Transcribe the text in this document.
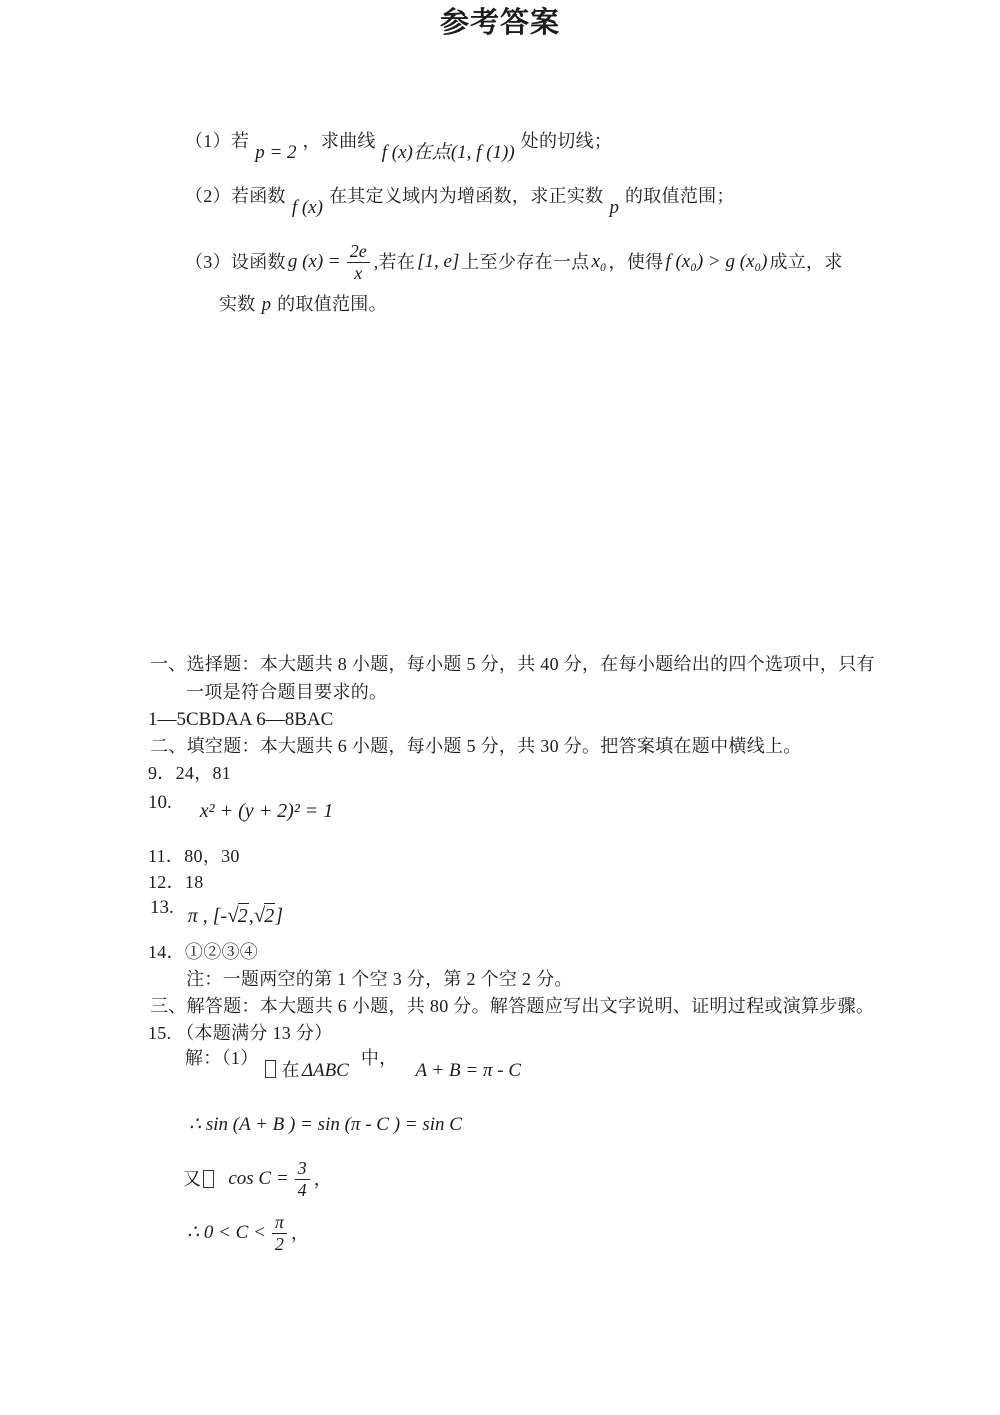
（1）若 p = 2 ，求曲线 f (x)在点(1, f (1)) 处的切线；
（2）若函数 f (x) 在其定义域内为增函数，求正实数 p 的取值范围；
（3）设函数 g $(x) = \frac{2e}{x}$ ,若在 [1, e] 上至少存在一点 x₀ ，使得 f (x₀) > g (x₀) 成立，求
实数 p 的取值范围。
参考答案
一、选择题：本大题共 8 小题，每小题 5 分，共 40 分，在每小题给出的四个选项中，只有
一项是符合题目要求的。
1—5CBDAA 6—8BAC
二、填空题：本大题共 6 小题，每小题 5 分，共 30 分。把答案填在题中横线上。
9．24，81
10. x² + (y + 2)² = 1
11．80，30
12．18
13. π , [-√2,√2]
14．①②③④
注：一题两空的第 1 个空 3 分，第 2 个空 2 分。
三、解答题：本大题共 6 小题，共 80 分。解答题应写出文字说明、证明过程或演算步骤。
15. （本题满分 13 分）
解：（1） 在 ΔABC 中， A + B = π - C
∴ sin (A + B ) = sin (π - C ) = sin C
又 $\cos C = \frac{3}{4}$ ，
∴ $0 < C < \frac{\pi}{2}$ ，
